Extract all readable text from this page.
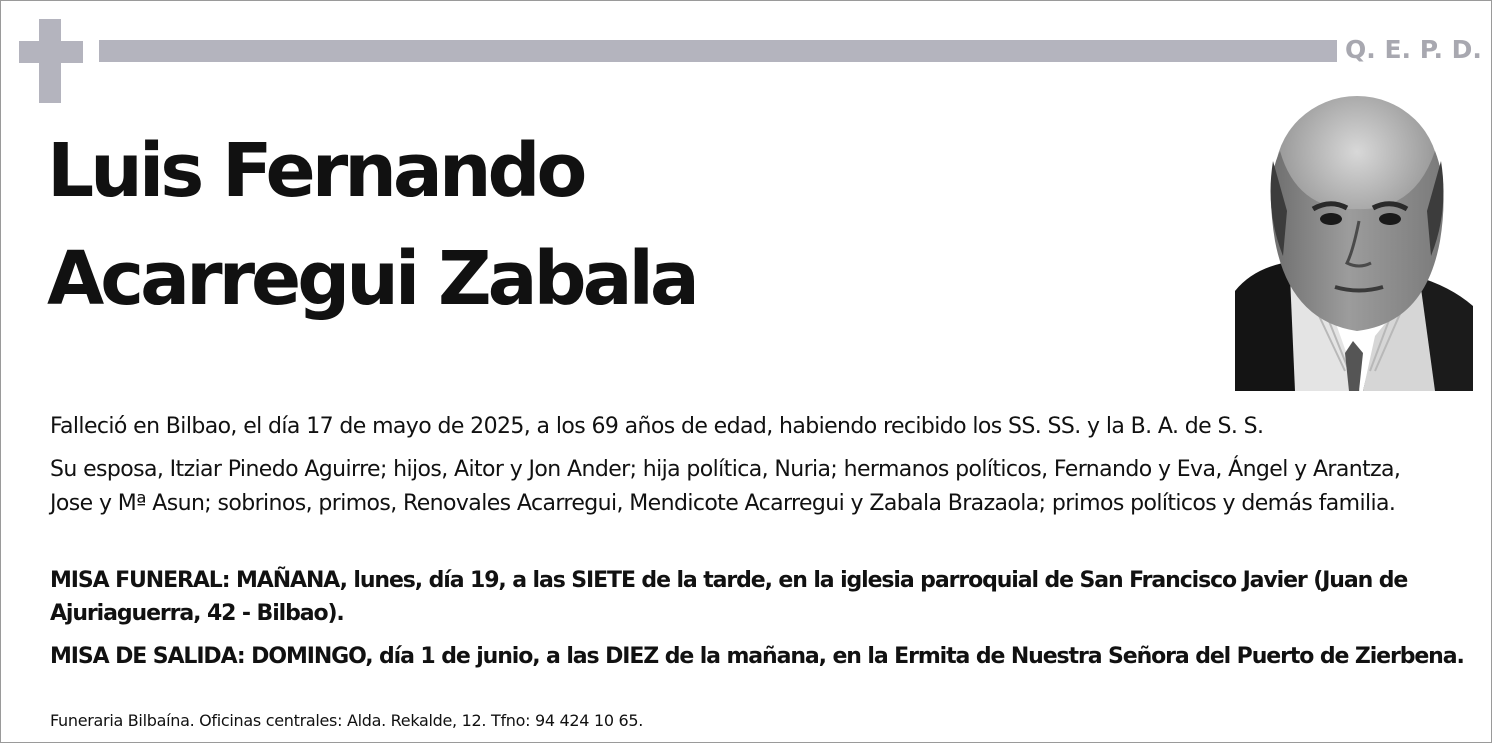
Q. E. P. D.
Luis Fernando
Acarregui Zabala

Falleció en Bilbao, el día 17 de mayo de 2025, a los 69 años de edad, habiendo recibido los SS. SS. y la B. A. de S. S.

Su esposa, Itziar Pinedo Aguirre; hijos, Aitor y Jon Ander; hija política, Nuria; hermanos políticos, Fernando y Eva, Ángel y Arantza, Jose y Mª Asun; sobrinos, primos, Renovales Acarregui, Mendicote Acarregui y Zabala Brazaola; primos políticos y demás familia.

MISA FUNERAL: MAÑANA, lunes, día 19, a las SIETE de la tarde, en la iglesia parroquial de San Francisco Javier (Juan de Ajuriaguerra, 42 - Bilbao).

MISA DE SALIDA: DOMINGO, día 1 de junio, a las DIEZ de la mañana, en la Ermita de Nuestra Señora del Puerto de Zierbena.

Funeraria Bilbaína. Oficinas centrales: Alda. Rekalde, 12. Tfno: 94 424 10 65.
